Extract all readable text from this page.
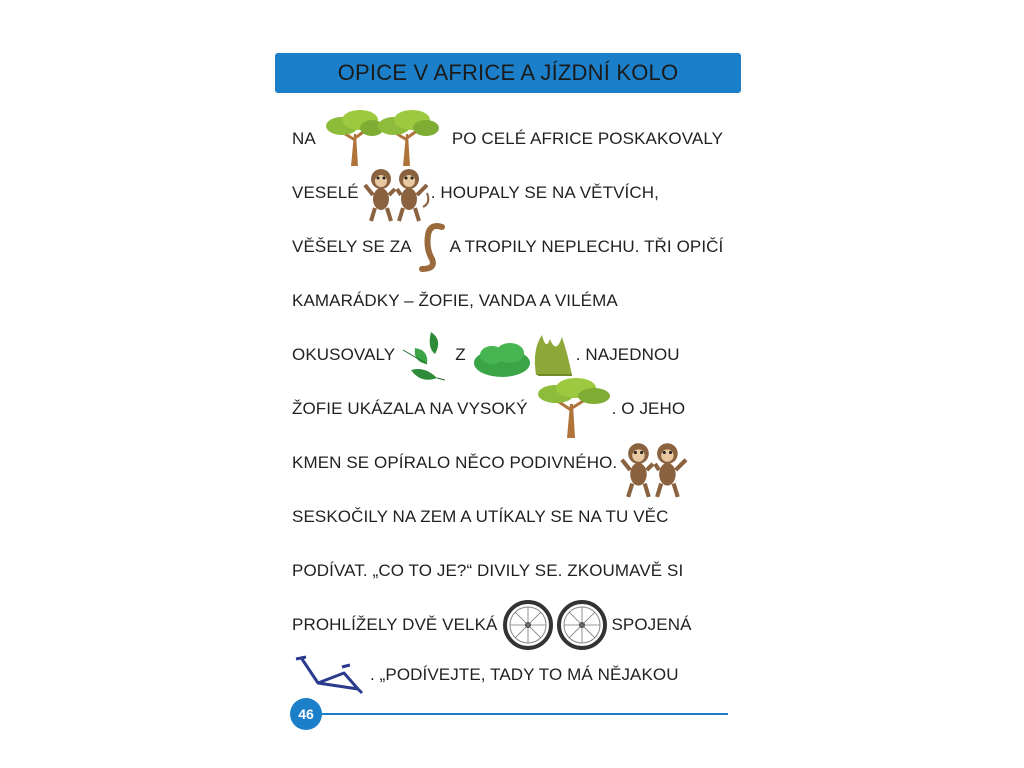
OPICE V AFRICE A JÍZDNÍ KOLO
NA	PO CELÉ AFRICE POSKAKOVALY
VESELÉ	. HOUPALY SE NA VĚTVÍCH,
VĚŠELY SE ZA A TROPILY NEPLECHU. TŘI OPIČÍ
KAMARÁDKY – ŽOFIE, VANDA A VILÉMA
OKUSOVALY	Z	. NAJEDNOU
ŽOFIE UKÁZALA NA VYSOKÝ	. O JEHO
KMEN SE OPÍRALO NĚCO PODIVNÉHO.
SESKOČILY NA ZEM A UTÍKALY SE NA TU VĚC
PODÍVAT. „CO TO JE?“ DIVILY SE. ZKOUMAVĚ SI
PROHLÍŽELY DVĚ VELKÁ	SPOJENÁ
. „PODÍVEJTE, TADY TO MÁ NĚJAKOU
46
